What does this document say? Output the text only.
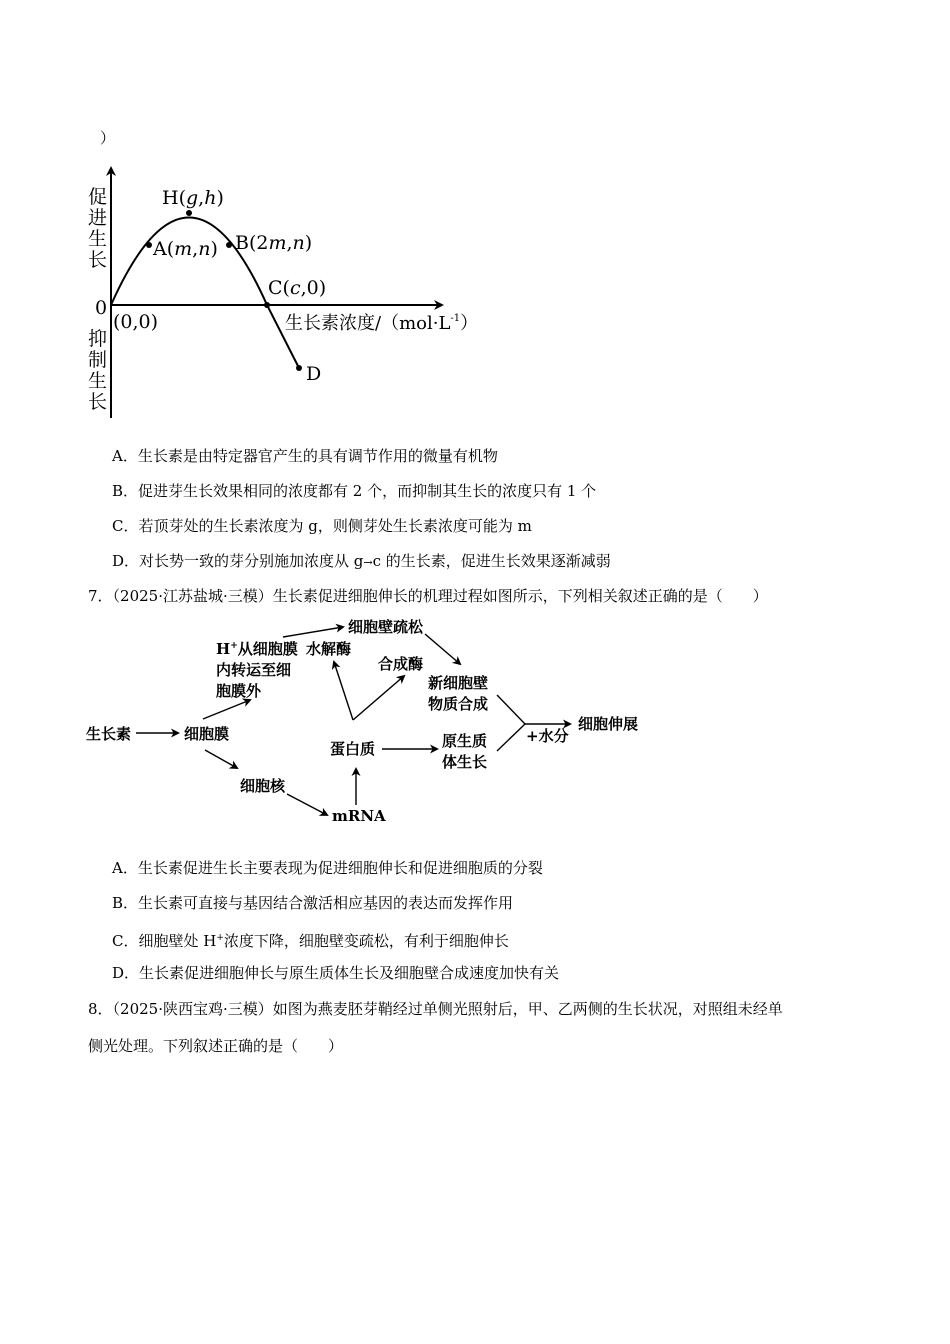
）
促
进
生
长
0
(0,0)
抑
制
生
长
H(g,h)
A(m,n) B(2m,n)
C(c,0)
D
生长素浓度$/(mol\cdot L^{-1})$
A．生长素是由特定器官产生的具有调节作用的微量有机物
B．促进芽生长效果相同的浓度都有 2 个，而抑制其生长的浓度只有 1 个
C．若顶芽处的生长素浓度为 g，则侧芽处生长素浓度可能为 m
D．对长势一致的芽分别施加浓度从 g→c 的生长素，促进生长效果逐渐减弱
7．（2025·江苏盐城·三模）生长素促进细胞伸长的机理过程如图所示，下列相关叙述正确的是（　　）
生长素	细胞膜
H+从细胞膜
内转运至细
胞膜外
水解酶
细胞壁疏松
合成酶
新细胞壁
物质合成
蛋白质	原生质
体生长
+水分
细胞伸展
细胞核
mRNA
A．生长素促进生长主要表现为促进细胞伸长和促进细胞质的分裂
B．生长素可直接与基因结合激活相应基因的表达而发挥作用
C．细胞壁处 H+浓度下降，细胞壁变疏松，有利于细胞伸长
D．生长素促进细胞伸长与原生质体生长及细胞壁合成速度加快有关
8．（2025·陕西宝鸡·三模）如图为燕麦胚芽鞘经过单侧光照射后，甲、乙两侧的生长状况，对照组未经单
侧光处理。下列叙述正确的是（　　）
